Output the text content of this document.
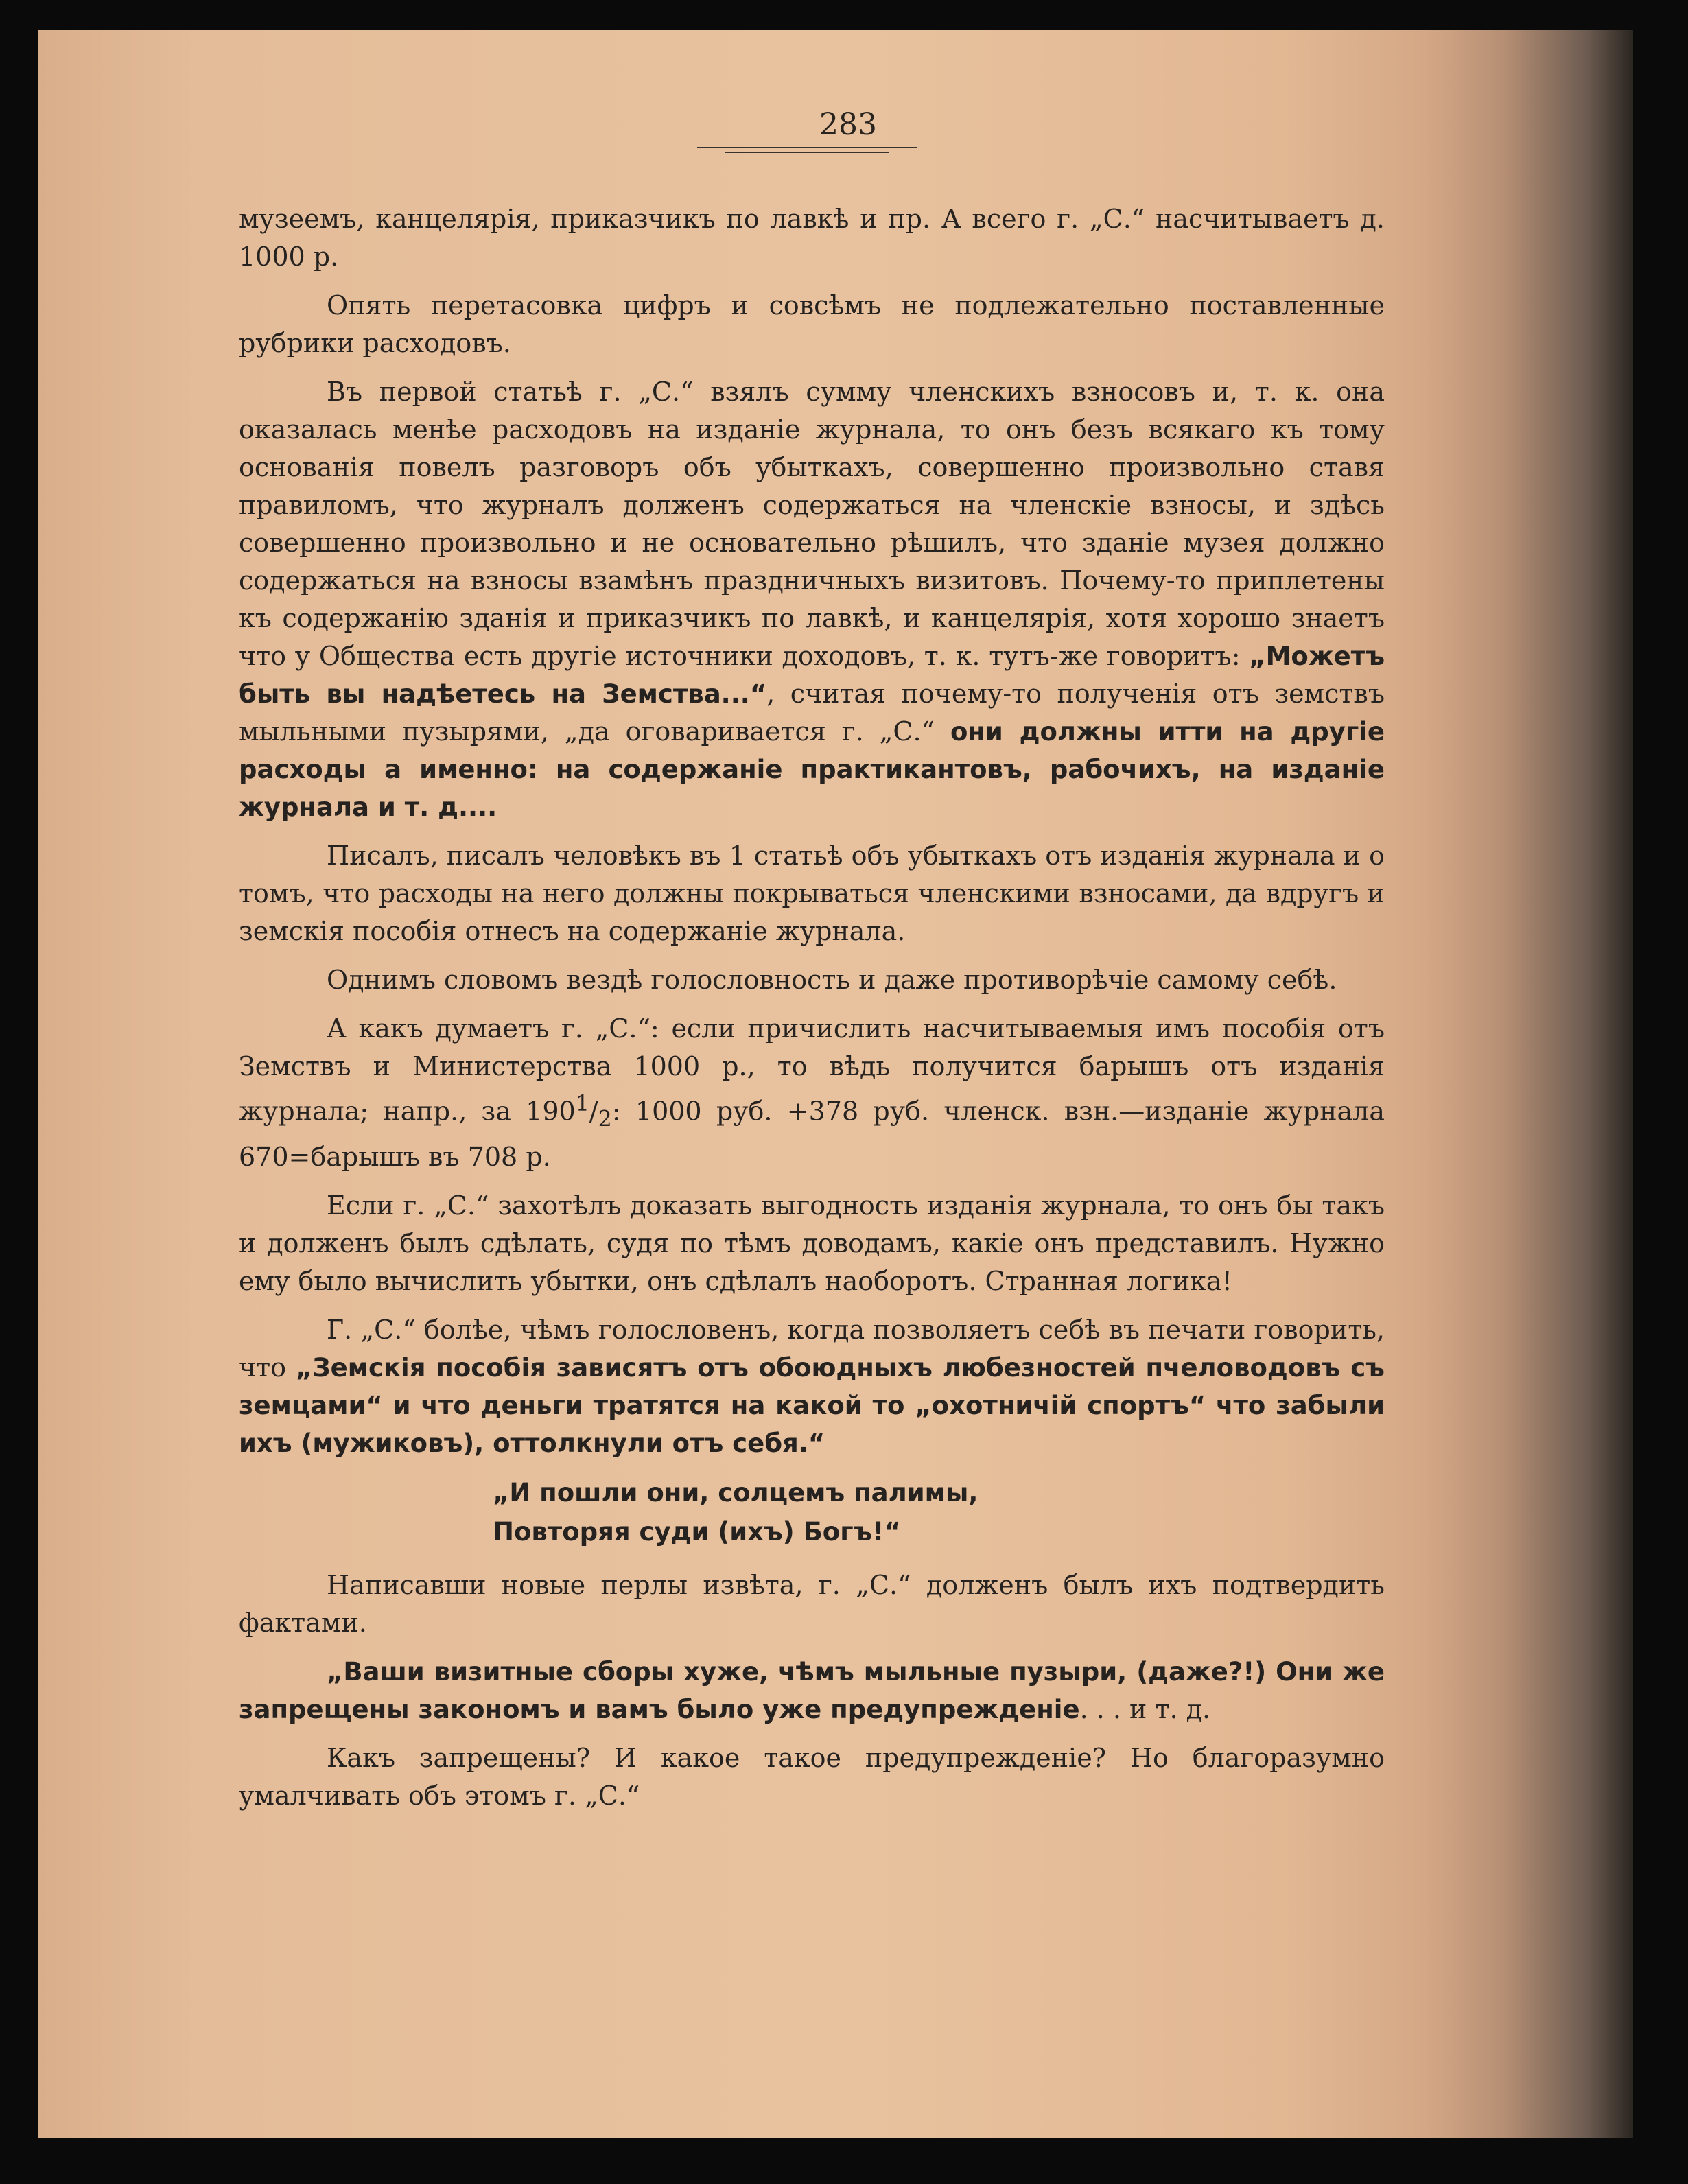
283

музеемъ, канцелярія, приказчикъ по лавкѣ и пр. А всего г. „С.“ насчитываетъ д. 1000 р.

Опять перетасовка цифръ и совсѣмъ не подлежательно поставленные рубрики расходовъ.

Въ первой статьѣ г. „С.“ взялъ сумму членскихъ взносовъ и, т. к. она оказалась менѣе расходовъ на изданіе журнала, то онъ безъ всякаго къ тому основанія повелъ разговоръ объ убыткахъ, совершенно произвольно ставя правиломъ, что журналъ долженъ содержаться на членскіе взносы, и здѣсь совершенно произвольно и не основательно рѣшилъ, что зданіе музея должно содержаться на взносы взамѣнъ праздничныхъ визитовъ. Почему-то приплетены къ содержанію зданія и приказчикъ по лавкѣ, и канцелярія, хотя хорошо знаетъ что у Общества есть другіе источники доходовъ, т. к. тутъ-же говоритъ: „Можетъ быть вы надѣетесь на Земства...“, считая почему-то полученія отъ земствъ мыльными пузырями, „да оговаривается г. „С.“ они должны итти на другіе расходы а именно: на содержаніе практикантовъ, рабочихъ, на изданіе журнала и т. д....

Писалъ, писалъ человѣкъ въ 1 статьѣ объ убыткахъ отъ изданія журнала и о томъ, что расходы на него должны покрываться членскими взносами, да вдругъ и земскія пособія отнесъ на содержаніе журнала.

Однимъ словомъ вездѣ голословность и даже противорѣчіе самому себѣ.

А какъ думаетъ г. „С.“: если причислить насчитываемыя имъ пособія отъ Земствъ и Министерства 1000 р., то вѣдь получится барышъ отъ изданія журнала; напр., за $190^1/_2$: 1000 руб. +378 руб. членск. взн.—изданіе журнала 670=барышъ въ 708 р.

Если г. „С.“ захотѣлъ доказать выгодность изданія журнала, то онъ бы такъ и долженъ былъ сдѣлать, судя по тѣмъ доводамъ, какіе онъ представилъ. Нужно ему было вычислить убытки, онъ сдѣлалъ наоборотъ. Странная логика!

Г. „С.“ болѣе, чѣмъ голословенъ, когда позволяетъ себѣ въ печати говорить, что „Земскія пособія зависятъ отъ обоюдныхъ любезностей пчеловодовъ съ земцами“ и что деньги тратятся на какой то „охотничій спортъ“ что забыли ихъ (мужиковъ), оттолкнули отъ себя.“

„И пошли они, солцемъ палимы,
Повторяя суди (ихъ) Богъ!“

Написавши новые перлы извѣта, г. „С.“ долженъ былъ ихъ подтвердить фактами.

„Ваши визитные сборы хуже, чѣмъ мыльные пузыри, (даже?!) Они же запрещены закономъ и вамъ было уже предупрежденіе. . . и т. д.

Какъ запрещены? И какое такое предупрежденіе? Но благоразумно умалчивать объ этомъ г. „С.“
